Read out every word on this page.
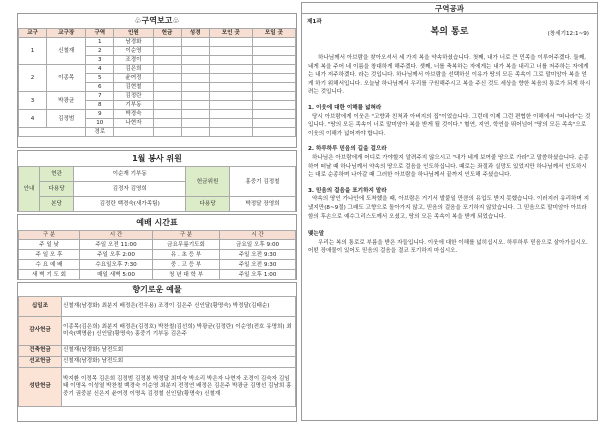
♧구역보고♧
교구	교구장	구역	인원	헌금	성경	모인 곳	모일 곳
1	신철재	1	남경화				
		2	이순영				
		3	조경이				
2	이종목	4	김은희				
		5	윤여정				
		6	김현철				
3	박광균	7	김정란				
		8	기부동				
4	김정범	9	박경숙				
		10	나현자				
		경로					
1월 봉사 위원
안내	현관	이순재 기부동	헌금위원	홍중기 김정철
	다용당	김정자 김영희		
	본당	김정란 백경숙(새가족팀)	다용당	박정달 장영희
예배 시간표
구 분	시 간	구 분	시 간
주 일 낮	주일 오전 11:00	금요무릎기도회	금요일 오후 9:00
주 일 오 후	주일 오후 2:00	유 . 초 등 부	주일 오전 9:30
수 요 예 배	수요일오후 7:30	중 . 고 등 부	주일 오전 9:30
새 벽 기 도 회	매일 새벽 5:00	청 년 대 학 부	주일 오후 1:00
향기로운 예물
십일조	신철재(남경화) 최분지 배정은(전우용) 조경이 김은주 신인달(황명숙) 박정달(김태순)
감사헌금	이종목(김은희) 최분지 배정은(김정호) 박찬철(김선희) 박광균(김정란) 이순영(전호 유명희) 최미숙(백명윤) 신인달(황명숙) 홍중기 기부동 김은주
건축헌금	신철재(남경화) 남전도회
선교헌금	신철재(남경화) 남전도회
성탄헌금	박지환 이정목 김은희 김정범 김정봉 박정달 최미숙 박소리 박은자 나현자 조경이 김숙자 김임태 이명옥 이성열 박찬철 백경숙 이순영 최분지 전정연 배정은 김은주 박광균 김명선 김남희 홍중기 권중분 신은지 윤여정 이명옥 김정철 신인달(황명숙) 신철재
구역공과
제1과
복의 통로	(창세기12:1~9)

하나님께서 아브람을 찾아오셔서 세 가지 복을 약속하셨습니다. 첫째, 내가 너로 큰 민족을 이루어주겠다. 둘째, 네게 복을 주어 네 이름을 창대하게 해주겠다. 셋째, 너를 축복하는 자에게는 내가 복을 내리고 너를 저주하는 자에게는 내가 저주하겠다. 라는 것입니다. 하나님께서 아브람을 선택하신 이유가 땅의 모든 족속이 그로 말미암아 복을 얻게 하기 위해서입니다. 오늘날 하나님께서 우리를 구원해주시고 복을 주신 것도 세상을 향한 복음의 통로가 되게 하시려는 것입니다.

1. 이웃에 대한 이해를 넓혀라

당시 아브람에게 이웃은 "고향과 친척과 아버지의 집"이었습니다. 그런데 이제 그런 편협한 이해에서 "떠나라"는 것입니다. "땅의 모든 족속이 너로 말미암아 복을 받게 될 것이다." 혈연, 지연, 학연을 뛰어넘어 "땅의 모든 족속"으로 이웃의 이해가 넓어져야 합니다.

2. 하루하루 믿음의 길을 걸으라

하나님은 아브람에게 어디로 가야할지 알려주지 않으시고 "내가 네게 보여줄 땅으로 가라"고 말씀하셨습니다. 순종하여 떠날 때 하나님께서 약속의 땅으로 걸음을 인도하십니다. 때로는 좌절과 실망도 있었지만 하나님께서 인도하시는 대로 순종하며 나아갈 때 그러한 아브람을 하나님께서 끝까지 인도해 주셨습니다.

3. 믿음의 걸음을 포기하지 말라

약속의 땅인 가나안에 도착했을 때, 아브람은 거기서 발붙일 만큼의 유업도 받지 못했습니다. 이러지러 유리하며 지냈지만(8~9절) 그래도 고향으로 돌아가지 않고, 믿음의 걸음을 포기하지 않았습니다. 그 믿음으로 말미암아 아브라함의 후손으로 예수그리스도께서 오셨고, 땅의 모든 족속이 복을 받게 되었습니다.

맺는말

우리는 복의 통로로 부름을 받은 자들입니다. 이웃에 대한 이해를 넓히십시오. 하루하루 믿음으로 살아가십시오. 어떤 장애물이 있어도 믿음의 걸음을 결코 포기하지 마십시오.
